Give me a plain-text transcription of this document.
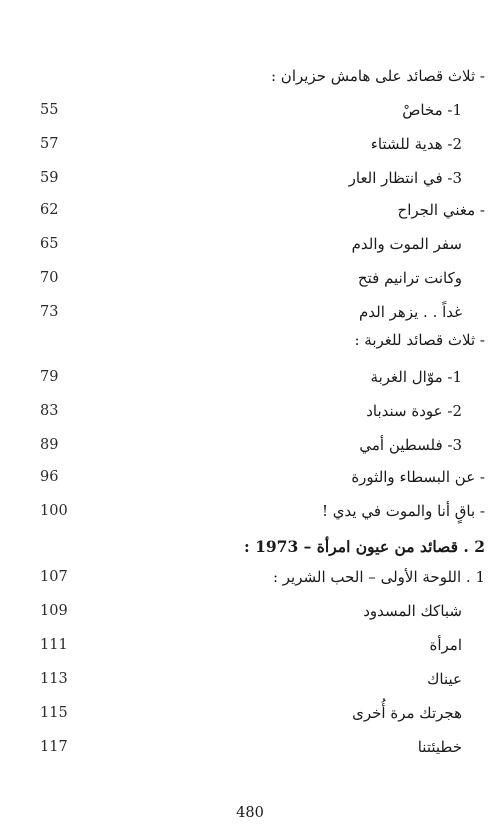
- ثلاث قصائد على هامش حزيران :
1- مخاصْ
55
2- هدية للشتاء
57
3- في انتظار العار
59
- مغني الجراح
62
سفر الموت والدم
65
وكانت ترانيم فتح
70
غداً . . يزهر الدم
73
- ثلاث قصائد للغربة :
1- موّال الغربة
79
2- عودة سندباد
83
3- فلسطين أمي
89
- عن البسطاء والثورة
96
- باقٍ أنا والموت في يدي !
100
2 . قصائد من عيون امرأة – 1973 :
1 . اللوحة الأولى – الحب الشرير :
107
شباكك المسدود
109
امرأة
111
عيناك
113
هجرتك مرة أُخرى
115
خطيئتنا
117
480
